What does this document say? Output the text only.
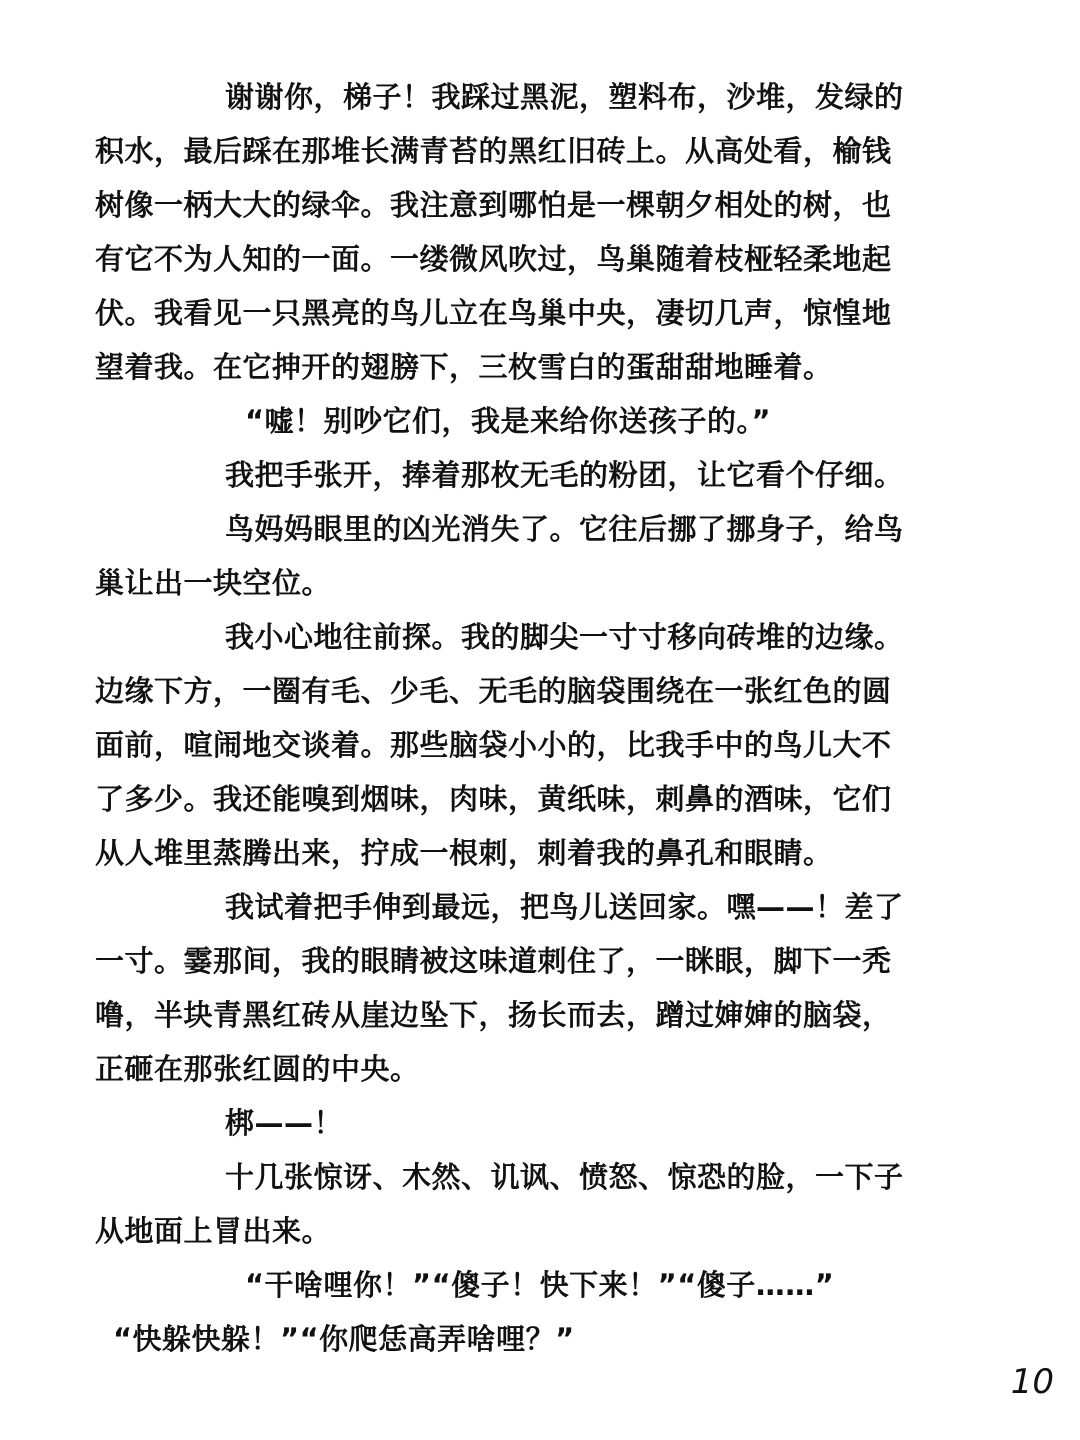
谢谢你，梯子！我踩过黑泥，塑料布，沙堆，发绿的
积水，最后踩在那堆长满青苔的黑红旧砖上。从高处看，榆钱
树像一柄大大的绿伞。我注意到哪怕是一棵朝夕相处的树，也
有它不为人知的一面。一缕微风吹过，鸟巢随着枝桠轻柔地起
伏。我看见一只黑亮的鸟儿立在鸟巢中央，凄切几声，惊惶地
望着我。在它抻开的翅膀下，三枚雪白的蛋甜甜地睡着。
“嘘！别吵它们，我是来给你送孩子的。”
我把手张开，捧着那枚无毛的粉团，让它看个仔细。
鸟妈妈眼里的凶光消失了。它往后挪了挪身子，给鸟
巢让出一块空位。
我小心地往前探。我的脚尖一寸寸移向砖堆的边缘。
边缘下方，一圈有毛、少毛、无毛的脑袋围绕在一张红色的圆
面前，喧闹地交谈着。那些脑袋小小的，比我手中的鸟儿大不
了多少。我还能嗅到烟味，肉味，黄纸味，刺鼻的酒味，它们
从人堆里蒸腾出来，拧成一根刺，刺着我的鼻孔和眼睛。
我试着把手伸到最远，把鸟儿送回家。嘿——！差了
一寸。霎那间，我的眼睛被这味道刺住了，一眯眼，脚下一秃
噜，半块青黑红砖从崖边坠下，扬长而去，蹭过婶婶的脑袋，
正砸在那张红圆的中央。
梆——！
十几张惊讶、木然、讥讽、愤怒、惊恐的脸，一下子
从地面上冒出来。
“干啥哩你！”“傻子！快下来！”“傻子……”
“快躲快躲！”“你爬恁高弄啥哩？”
10
